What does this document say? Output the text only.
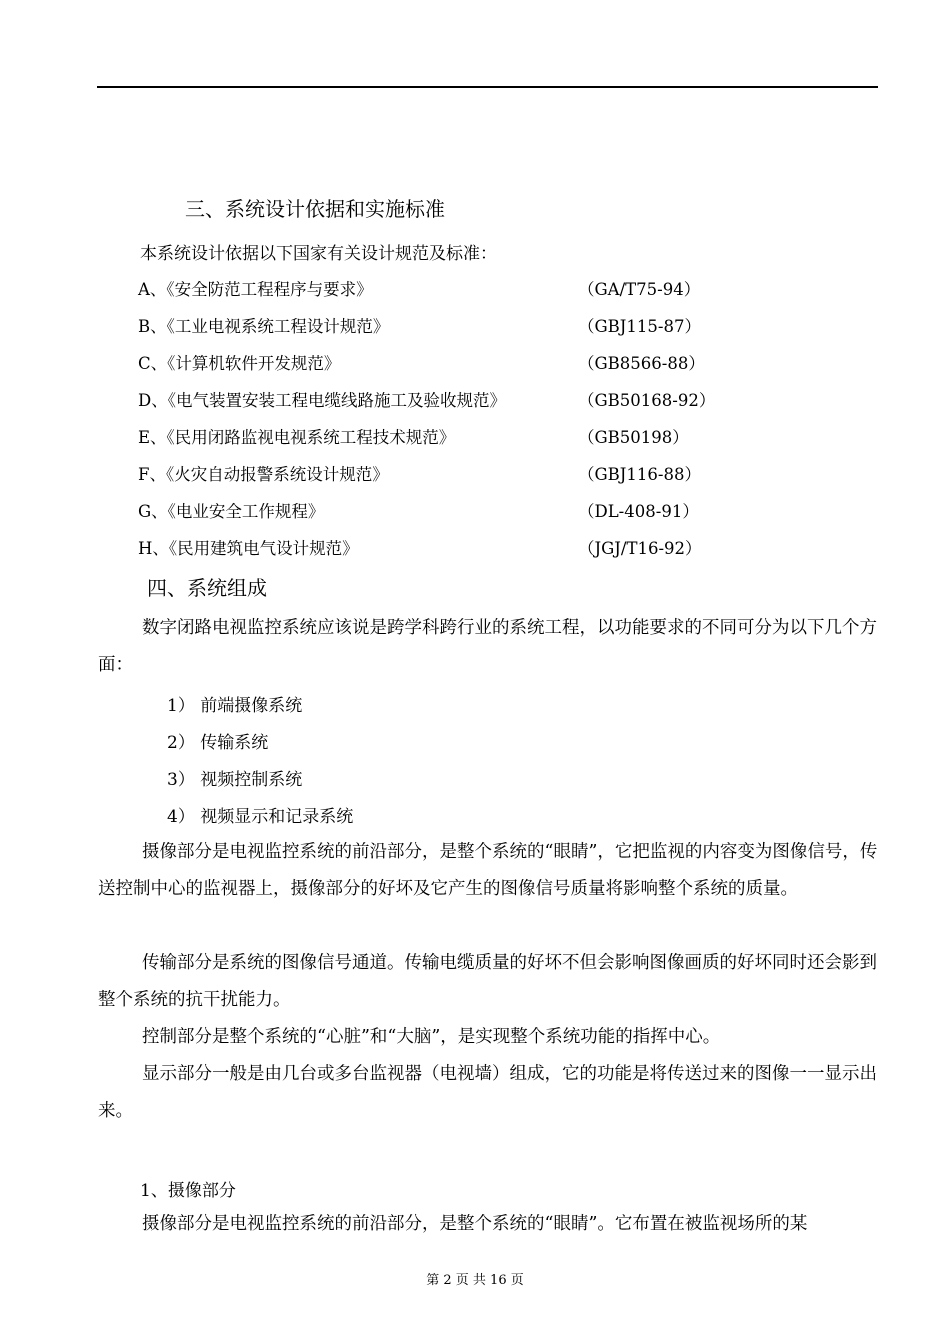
三、系统设计依据和实施标准
本系统设计依据以下国家有关设计规范及标准：
A、《安全防范工程程序与要求》	（GA/T75-94）
B、《工业电视系统工程设计规范》	（GBJ115-87）
C、《计算机软件开发规范》	（GB8566-88）
D、《电气装置安装工程电缆线路施工及验收规范》	（GB50168-92）
E、《民用闭路监视电视系统工程技术规范》	（GB50198）
F、《火灾自动报警系统设计规范》	（GBJ116-88）
G、《电业安全工作规程》	（DL-408-91）
H、《民用建筑电气设计规范》	（JGJ/T16-92）
四、系统组成
数字闭路电视监控系统应该说是跨学科跨行业的系统工程，以功能要求的不同可分为以下几个方面：
1） 前端摄像系统
2） 传输系统
3） 视频控制系统
4） 视频显示和记录系统
摄像部分是电视监控系统的前沿部分，是整个系统的“眼睛”，它把监视的内容变为图像信号，传送控制中心的监视器上，摄像部分的好坏及它产生的图像信号质量将影响整个系统的质量。
传输部分是系统的图像信号通道。传输电缆质量的好坏不但会影响图像画质的好坏同时还会影到整个系统的抗干扰能力。
控制部分是整个系统的“心脏”和“大脑”，是实现整个系统功能的指挥中心。
显示部分一般是由几台或多台监视器（电视墙）组成，它的功能是将传送过来的图像一一显示出来。
1、摄像部分
摄像部分是电视监控系统的前沿部分，是整个系统的“眼睛”。它布置在被监视场所的某
第 2 页 共 16 页
